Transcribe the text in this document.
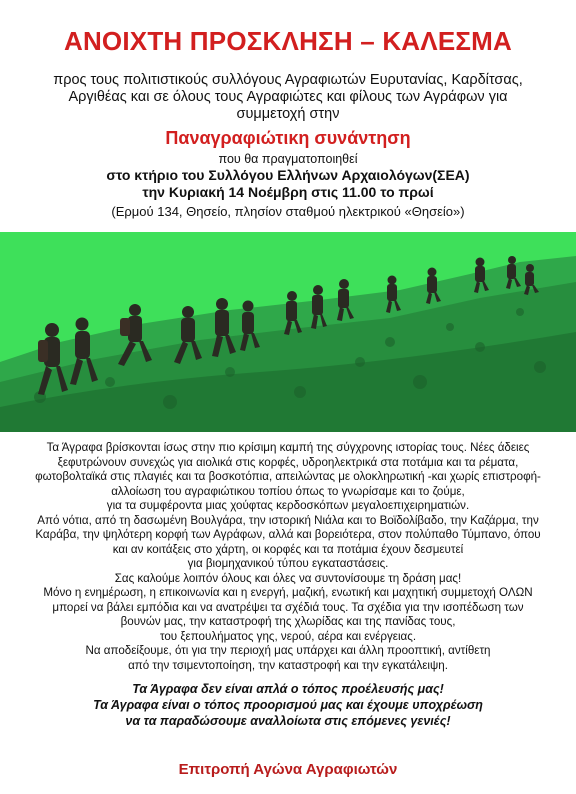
ΑΝΟΙΧΤΗ ΠΡΟΣΚΛΗΣΗ – ΚΑΛΕΣΜΑ
προς τους πολιτιστικούς συλλόγους Αγραφιωτών Ευρυτανίας, Καρδίτσας,
Αργιθέας και σε όλους τους Αγραφιώτες και φίλους των Αγράφων για
συμμετοχή στην
Παναγραφιώτικη συνάντηση
που θα πραγματοποιηθεί
στο κτήριο του Συλλόγου Ελλήνων Αρχαιολόγων(ΣΕΑ)
την Κυριακή 14 Νοέμβρη στις 11.00 το πρωί
(Ερμού 134, Θησείο, πλησίον σταθμού ηλεκτρικού «Θησείο»)

Τα Άγραφα βρίσκονται ίσως στην πιο κρίσιμη καμπή της σύγχρονης ιστορίας τους. Νέες άδειες

ξεφυτρώνουν συνεχώς για αιολικά στις κορφές, υδροηλεκτρικά στα ποτάμια και τα ρέματα,

φωτοβολταϊκά στις πλαγιές και τα βοσκοτόπια, απειλώντας με ολοκληρωτική -και χωρίς επιστροφή-

αλλοίωση του αγραφιώτικου τοπίου όπως το γνωρίσαμε και το ζούμε,

για τα συμφέροντα μιας χούφτας κερδοσκόπων μεγαλοεπιχειρηματιών.

Από νότια, από τη δασωμένη Βουλγάρα, την ιστορική Νιάλα και το Βοϊδολίβαδο, την Καζάρμα, την

Καράβα, την ψηλότερη κορφή των Αγράφων, αλλά και βορειότερα, στον πολύπαθο Τύμπανο, όπου

και αν κοιτάξεις στο χάρτη, οι κορφές και τα ποτάμια έχουν δεσμευτεί

για βιομηχανικού τύπου εγκαταστάσεις.

Σας καλούμε λοιπόν όλους και όλες να συντονίσουμε τη δράση μας!

Μόνο η ενημέρωση, η επικοινωνία και η ενεργή, μαζική, ενωτική και μαχητική συμμετοχή ΟΛΩΝ

μπορεί να βάλει εμπόδια και να ανατρέψει τα σχέδιά τους. Τα σχέδια για την ισοπέδωση των

βουνών μας, την καταστροφή της χλωρίδας και της πανίδας τους,

του ξεπουλήματος γης, νερού, αέρα και ενέργειας.

Να αποδείξουμε, ότι για την περιοχή μας υπάρχει και άλλη προοπτική, αντίθετη

από την τσιμεντοποίηση, την καταστροφή και την εγκατάλειψη.

Τα Άγραφα δεν είναι απλά ο τόπος προέλευσής μας!

Τα Άγραφα είναι ο τόπος προορισμού μας και έχουμε υποχρέωση

να τα παραδώσουμε αναλλοίωτα στις επόμενες γενιές!

Επιτροπή Αγώνα Αγραφιωτών
